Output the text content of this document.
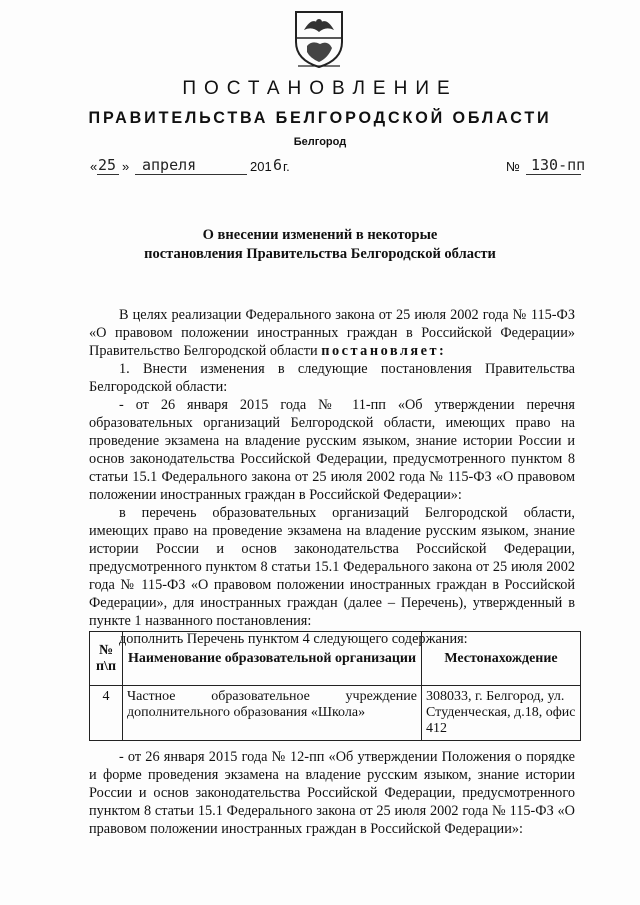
ПОСТАНОВЛЕНИЕ
ПРАВИТЕЛЬСТВА БЕЛГОРОДСКОЙ ОБЛАСТИ
Белгород
« 25 » апреля	201 6 г.	№ 130-пп
О внесении изменений в некоторые
постановления Правительства Белгородской области

В целях реализации Федерального закона от 25 июля 2002 года № 115-ФЗ «О правовом положении иностранных граждан в Российской Федерации» Правительство Белгородской области постановляет:

1. Внести изменения в следующие постановления Правительства Белгородской области:

- от 26 января 2015 года № 11-пп «Об утверждении перечня образовательных организаций Белгородской области, имеющих право на проведение экзамена на владение русским языком, знание истории России и основ законодательства Российской Федерации, предусмотренного пунктом 8 статьи 15.1 Федерального закона от 25 июля 2002 года № 115-ФЗ «О правовом положении иностранных граждан в Российской Федерации»:

в перечень образовательных организаций Белгородской области, имеющих право на проведение экзамена на владение русским языком, знание истории России и основ законодательства Российской Федерации, предусмотренного пунктом 8 статьи 15.1 Федерального закона от 25 июля 2002 года № 115-ФЗ «О правовом положении иностранных граждан в Российской Федерации», для иностранных граждан (далее – Перечень), утвержденный в пункте 1 названного постановления:

дополнить Перечень пунктом 4 следующего содержания:

№ п\п	Наименование образовательной организации	Местонахождение
4	Частное образовательное учреждение дополнительного образования «Школа»	308033, г. Белгород, ул. Студенческая, д.18, офис 412

- от 26 января 2015 года № 12-пп «Об утверждении Положения о порядке и форме проведения экзамена на владение русским языком, знание истории России и основ законодательства Российской Федерации, предусмотренного пунктом 8 статьи 15.1 Федерального закона от 25 июля 2002 года № 115-ФЗ «О правовом положении иностранных граждан в Российской Федерации»:
